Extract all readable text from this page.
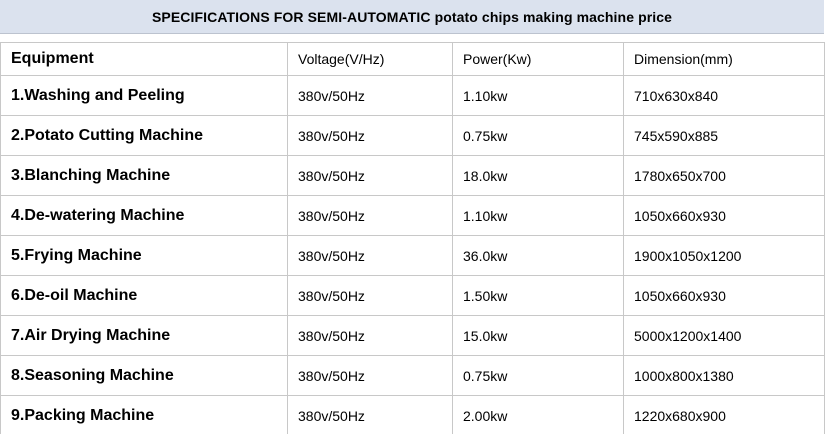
SPECIFICATIONS FOR SEMI-AUTOMATIC potato chips making machine price
Equipment	Voltage(V/Hz)	Power(Kw)	Dimension(mm)
1.Washing and Peeling	380v/50Hz	1.10kw	710x630x840
2.Potato Cutting Machine	380v/50Hz	0.75kw	745x590x885
3.Blanching Machine	380v/50Hz	18.0kw	1780x650x700
4.De-watering Machine	380v/50Hz	1.10kw	1050x660x930
5.Frying Machine	380v/50Hz	36.0kw	1900x1050x1200
6.De-oil Machine	380v/50Hz	1.50kw	1050x660x930
7.Air Drying Machine	380v/50Hz	15.0kw	5000x1200x1400
8.Seasoning Machine	380v/50Hz	0.75kw	1000x800x1380
9.Packing Machine	380v/50Hz	2.00kw	1220x680x900
